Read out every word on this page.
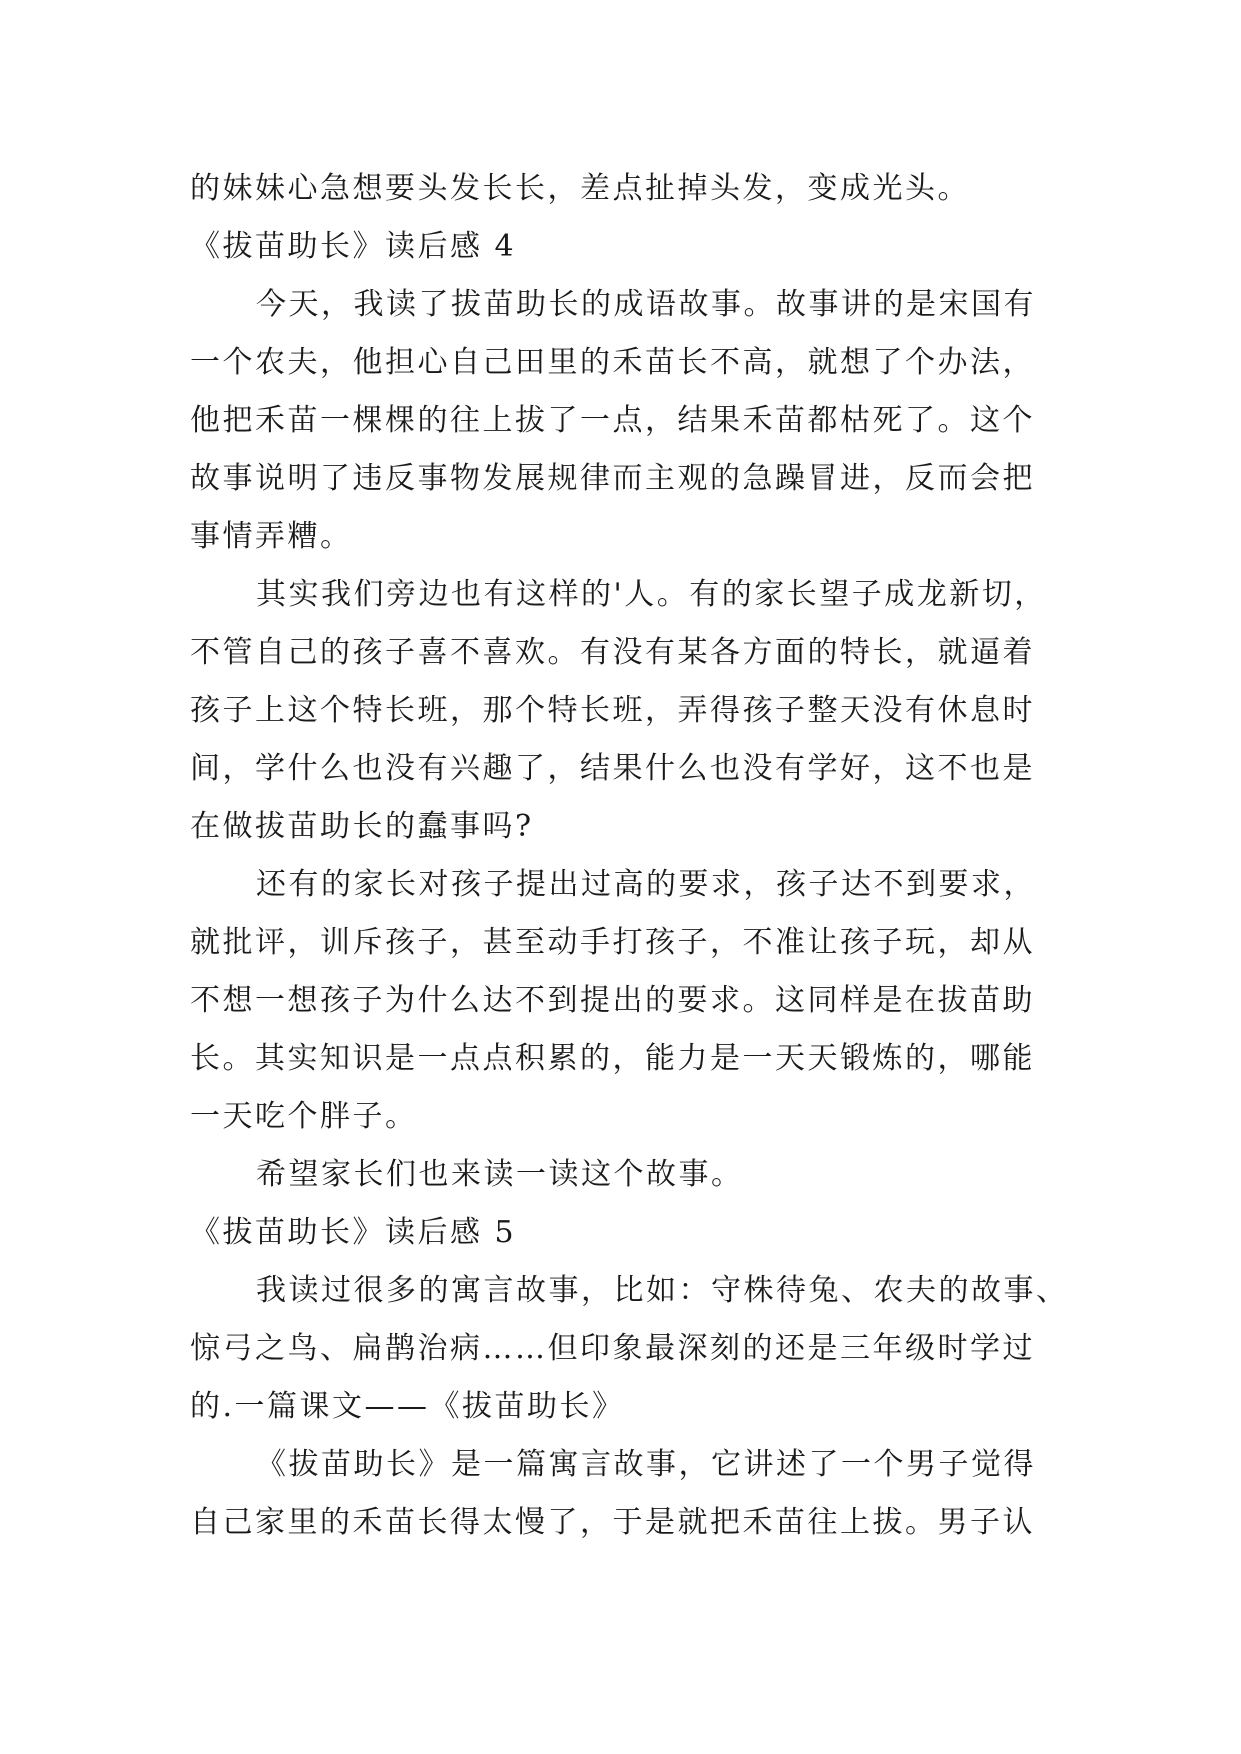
的妹妹心急想要头发长长，差点扯掉头发，变成光头。
《拔苗助长》读后感 4
今天，我读了拔苗助长的成语故事。故事讲的是宋国有
一个农夫，他担心自己田里的禾苗长不高，就想了个办法，
他把禾苗一棵棵的往上拔了一点，结果禾苗都枯死了。这个
故事说明了违反事物发展规律而主观的急躁冒进，反而会把
事情弄糟。
其实我们旁边也有这样的'人。有的家长望子成龙新切，
不管自己的孩子喜不喜欢。有没有某各方面的特长，就逼着
孩子上这个特长班，那个特长班，弄得孩子整天没有休息时
间，学什么也没有兴趣了，结果什么也没有学好，这不也是
在做拔苗助长的蠢事吗?
还有的家长对孩子提出过高的要求，孩子达不到要求，
就批评，训斥孩子，甚至动手打孩子，不准让孩子玩，却从
不想一想孩子为什么达不到提出的要求。这同样是在拔苗助
长。其实知识是一点点积累的，能力是一天天锻炼的，哪能
一天吃个胖子。
希望家长们也来读一读这个故事。
《拔苗助长》读后感 5
我读过很多的寓言故事，比如：守株待兔、农夫的故事、
惊弓之鸟、扁鹊治病……但印象最深刻的还是三年级时学过
的.一篇课文——《拔苗助长》
《拔苗助长》是一篇寓言故事，它讲述了一个男子觉得
自己家里的禾苗长得太慢了，于是就把禾苗往上拔。男子认
